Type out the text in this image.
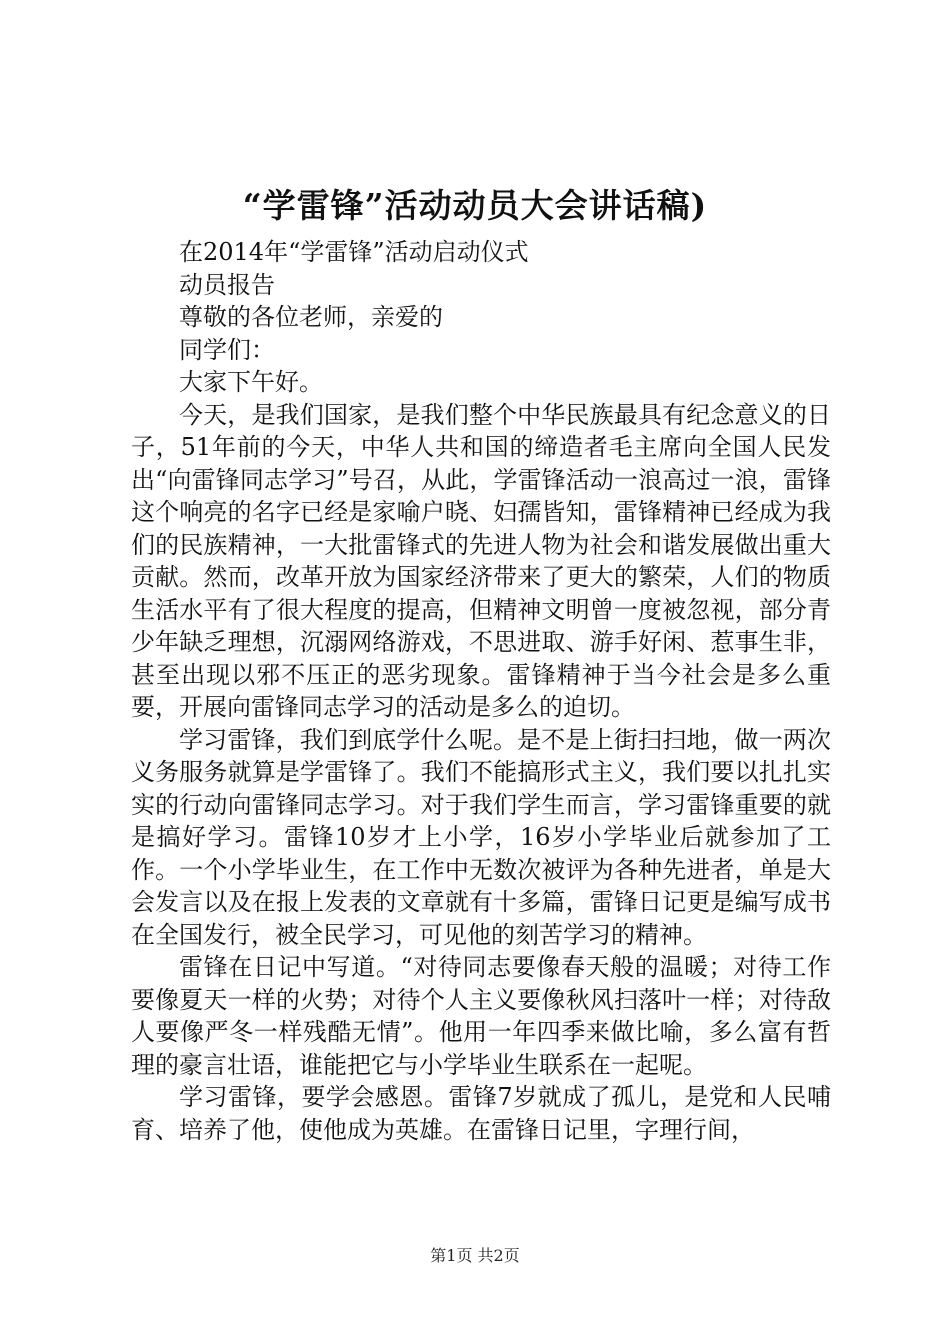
“学雷锋”活动动员大会讲话稿)

在2014年“学雷锋”活动启动仪式

动员报告

尊敬的各位老师，亲爱的

同学们：

大家下午好。

今天，是我们国家，是我们整个中华民族最具有纪念意义的日子，51年前的今天，中华人共和国的缔造者毛主席向全国人民发出“向雷锋同志学习”号召，从此，学雷锋活动一浪高过一浪，雷锋这个响亮的名字已经是家喻户晓、妇孺皆知，雷锋精神已经成为我们的民族精神，一大批雷锋式的先进人物为社会和谐发展做出重大贡献。然而，改革开放为国家经济带来了更大的繁荣，人们的物质生活水平有了很大程度的提高，但精神文明曾一度被忽视，部分青少年缺乏理想，沉溺网络游戏，不思进取、游手好闲、惹事生非，甚至出现以邪不压正的恶劣现象。雷锋精神于当今社会是多么重要，开展向雷锋同志学习的活动是多么的迫切。

学习雷锋，我们到底学什么呢。是不是上街扫扫地，做一两次义务服务就算是学雷锋了。我们不能搞形式主义，我们要以扎扎实实的行动向雷锋同志学习。对于我们学生而言，学习雷锋重要的就是搞好学习。雷锋10岁才上小学，16岁小学毕业后就参加了工作。一个小学毕业生，在工作中无数次被评为各种先进者，单是大会发言以及在报上发表的文章就有十多篇，雷锋日记更是编写成书在全国发行，被全民学习，可见他的刻苦学习的精神。

雷锋在日记中写道。“对待同志要像春天般的温暖；对待工作要像夏天一样的火势；对待个人主义要像秋风扫落叶一样；对待敌人要像严冬一样残酷无情”。他用一年四季来做比喻，多么富有哲理的豪言壮语，谁能把它与小学毕业生联系在一起呢。

学习雷锋，要学会感恩。雷锋7岁就成了孤儿，是党和人民哺育、培养了他，使他成为英雄。在雷锋日记里，字理行间，

第1页 共2页
